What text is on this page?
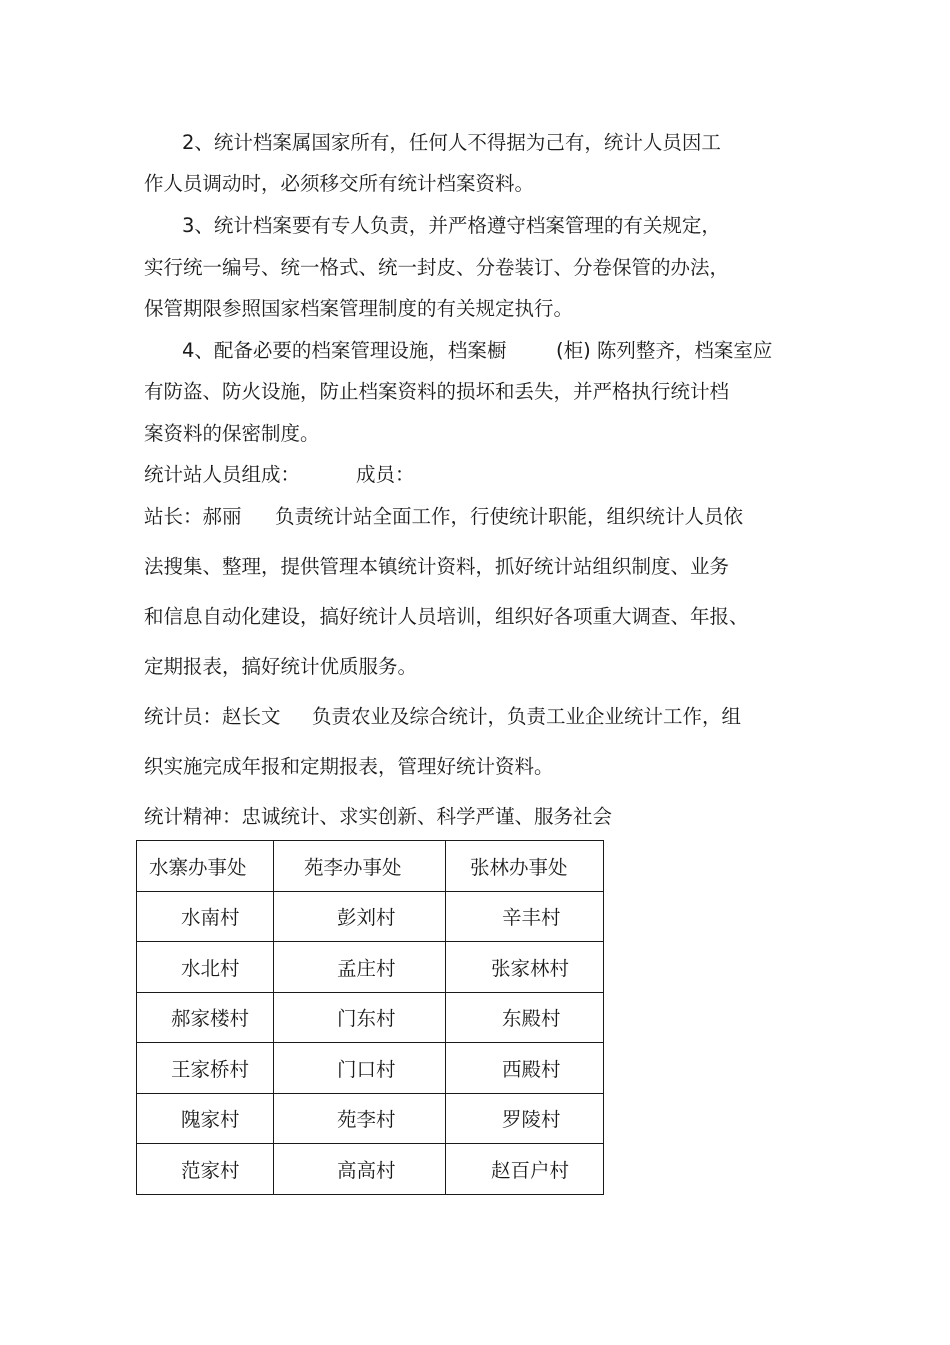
2、统计档案属国家所有，任何人不得据为己有，统计人员因工
作人员调动时，必须移交所有统计档案资料。
3、统计档案要有专人负责，并严格遵守档案管理的有关规定，
实行统一编号、统一格式、统一封皮、分卷装订、分卷保管的办法，
保管期限参照国家档案管理制度的有关规定执行。
4、配备必要的档案管理设施，档案橱	(柜) 陈列整齐，档案室应
有防盗、防火设施，防止档案资料的损坏和丢失，并严格执行统计档
案资料的保密制度。
统计站人员组成：	成员：
站长：郝丽 负责统计站全面工作，行使统计职能，组织统计人员依
法搜集、整理，提供管理本镇统计资料，抓好统计站组织制度、业务
和信息自动化建设，搞好统计人员培训，组织好各项重大调查、年报、
定期报表，搞好统计优质服务。
统计员：赵长文 负责农业及综合统计，负责工业企业统计工作，组
织实施完成年报和定期报表，管理好统计资料。
统计精神：忠诚统计、求实创新、科学严谨、服务社会
水寨办事处	苑李办事处	张林办事处

水南村	彭刘村	辛丰村

水北村	孟庄村	张家林村

郝家楼村	门东村	东殿村

王家桥村	门口村	西殿村

隗家村	苑李村	罗陵村

范家村	高高村	赵百户村
